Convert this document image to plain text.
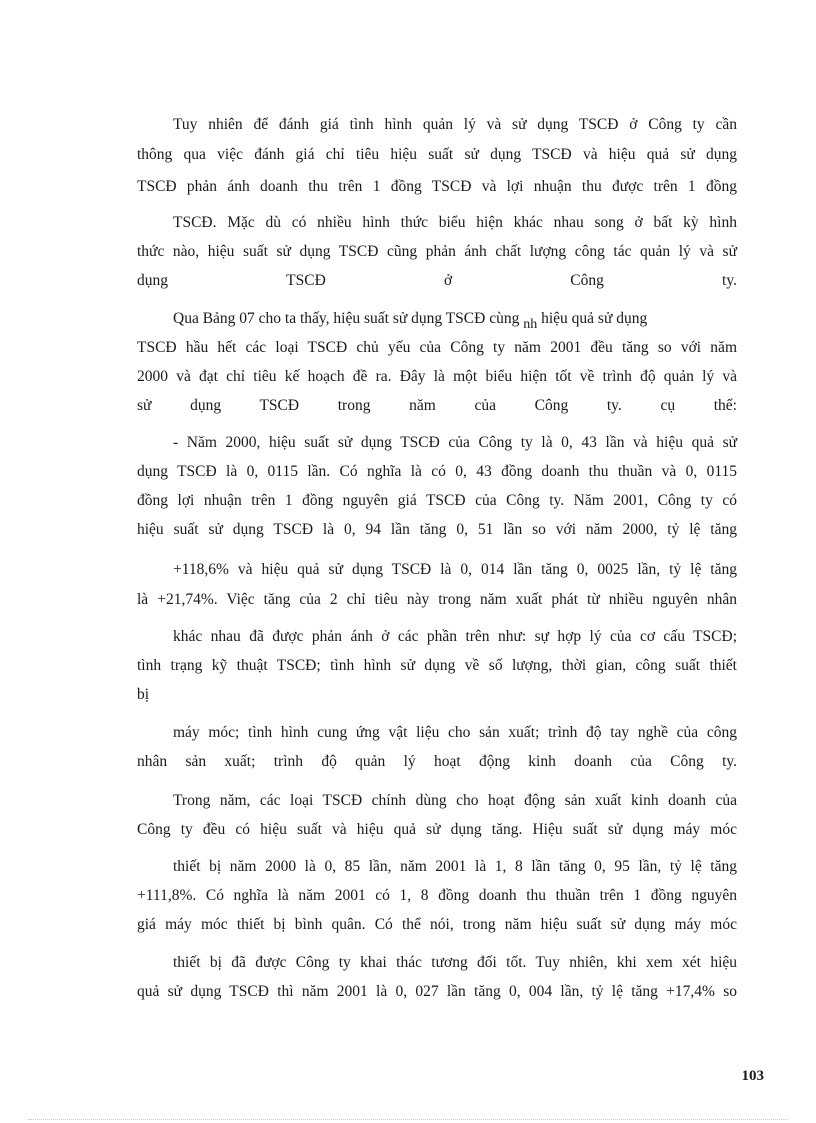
Tuy nhiên để đánh giá tình hình quản lý và sử dụng TSCĐ ở Công ty cần
thông qua việc đánh giá chỉ tiêu hiệu suất sử dụng TSCĐ và hiệu quả sử dụng
TSCĐ phản ánh doanh thu trên 1 đồng TSCĐ và lợi nhuận thu được trên 1 đồng
TSCĐ. Mặc dù có nhiều hình thức biểu hiện khác nhau song ở bất kỳ hình
thức nào, hiệu suất sử dụng TSCĐ cũng phản ánh chất lượng công tác quản lý và sử
dụng	TSCĐ	ở	Công	ty.
Qua Bảng 07 cho ta thấy, hiệu suất sử dụng TSCĐ cùng nh hiệu quả sử dụng
TSCĐ hầu hết các loại TSCĐ chủ yếu của Công ty năm 2001 đều tăng so với năm
2000 và đạt chỉ tiêu kế hoạch đề ra. Đây là một biểu hiện tốt về trình độ quản lý và
sử dụng TSCĐ trong năm của Công ty. cụ thể:
- Năm 2000, hiệu suất sử dụng TSCĐ của Công ty là 0, 43 lần và hiệu quả sử
dụng TSCĐ là 0, 0115 lần. Có nghĩa là có 0, 43 đồng doanh thu thuần và 0, 0115
đồng lợi nhuận trên 1 đồng nguyên giá TSCĐ của Công ty. Năm 2001, Công ty có
hiệu suất sử dụng TSCĐ là 0, 94 lần tăng 0, 51 lần so với năm 2000, tỷ lệ tăng
+118,6% và hiệu quả sử dụng TSCĐ là 0, 014 lần tăng 0, 0025 lần, tỷ lệ tăng
là +21,74%. Việc tăng của 2 chỉ tiêu này trong năm xuất phát từ nhiều nguyên nhân
khác nhau đã được phản ánh ở các phần trên như: sự hợp lý của cơ cấu TSCĐ;
tình trạng kỹ thuật TSCĐ; tình hình sử dụng về số lượng, thời gian, công suất thiết
bị
máy móc; tình hình cung ứng vật liệu cho sản xuất; trình độ tay nghề của công
nhân sản xuất; trình độ quản lý hoạt động kinh doanh của Công ty.
Trong năm, các loại TSCĐ chính dùng cho hoạt động sản xuất kinh doanh của
Công ty đều có hiệu suất và hiệu quả sử dụng tăng. Hiệu suất sử dụng máy móc
thiết bị năm 2000 là 0, 85 lần, năm 2001 là 1, 8 lần tăng 0, 95 lần, tỷ lệ tăng
+111,8%. Có nghĩa là năm 2001 có 1, 8 đồng doanh thu thuần trên 1 đồng nguyên
giá máy móc thiết bị bình quân. Có thể nói, trong năm hiệu suất sử dụng máy móc
thiết bị đã được Công ty khai thác tương đối tốt. Tuy nhiên, khi xem xét hiệu
quả sử dụng TSCĐ thì năm 2001 là 0, 027 lần tăng 0, 004 lần, tỷ lệ tăng +17,4% so
103
